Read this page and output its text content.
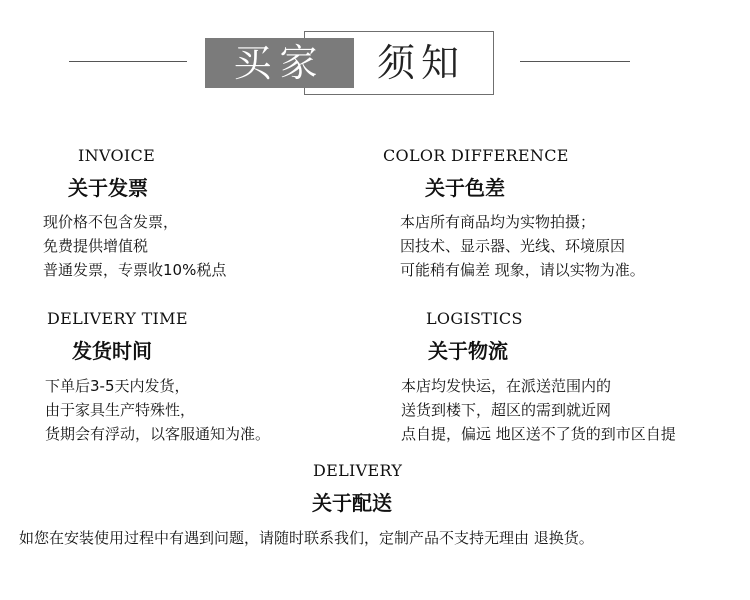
买家	须知
INVOICE
关于发票
现价格不包含发票，
免费提供增值税
普通发票，专票收10%税点
COLOR DIFFERENCE
关于色差
本店所有商品均为实物拍摄；
因技术、显示器、光线、环境原因
可能稍有偏差 现象，请以实物为准。
DELIVERY TIME
发货时间
下单后3-5天内发货，
由于家具生产特殊性，
货期会有浮动，以客服通知为准。
LOGISTICS
关于物流
本店均发快运，在派送范围内的
送货到楼下，超区的需到就近网
点自提，偏远 地区送不了货的到市区自提
DELIVERY
关于配送
如您在安装使用过程中有遇到问题，请随时联系我们，定制产品不支持无理由 退换货。
